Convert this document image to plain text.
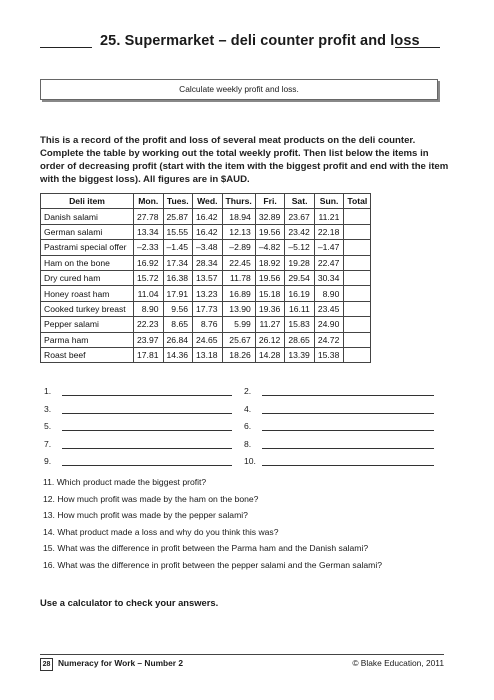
25. Supermarket – deli counter profit and loss
Calculate weekly profit and loss.
This is a record of the profit and loss of several meat products on the deli counter. Complete the table by working out the total weekly profit. Then list below the items in order of decreasing profit (start with the item with the biggest profit and end with the item with the biggest loss). All figures are in $AUD.
Deli item	Mon.	Tues.	Wed.	Thurs.	Fri.	Sat.	Sun.	Total
Danish salami	27.78	25.87	16.42	18.94	32.89	23.67	11.21	
German salami	13.34	15.55	16.42	12.13	19.56	23.42	22.18	
Pastrami special offer	–2.33	–1.45	–3.48	–2.89	–4.82	–5.12	–1.47	
Ham on the bone	16.92	17.34	28.34	22.45	18.92	19.28	22.47	
Dry cured ham	15.72	16.38	13.57	11.78	19.56	29.54	30.34	
Honey roast ham	11.04	17.91	13.23	16.89	15.18	16.19	8.90	
Cooked turkey breast	8.90	9.56	17.73	13.90	19.36	16.11	23.45	
Pepper salami	22.23	8.65	8.76	5.99	11.27	15.83	24.90	
Parma ham	23.97	26.84	24.65	25.67	26.12	28.65	24.72	
Roast beef	17.81	14.36	13.18	18.26	14.28	13.39	15.38	
1.	2.
3.	4.
5.	6.
7.	8.
9.	10.
11. Which product made the biggest profit?
12. How much profit was made by the ham on the bone?
13. How much profit was made by the pepper salami?
14. What product made a loss and why do you think this was?
15. What was the difference in profit between the Parma ham and the Danish salami?
16. What was the difference in profit between the pepper salami and the German salami?
Use a calculator to check your answers.
28 Numeracy for Work – Number 2	© Blake Education, 2011
